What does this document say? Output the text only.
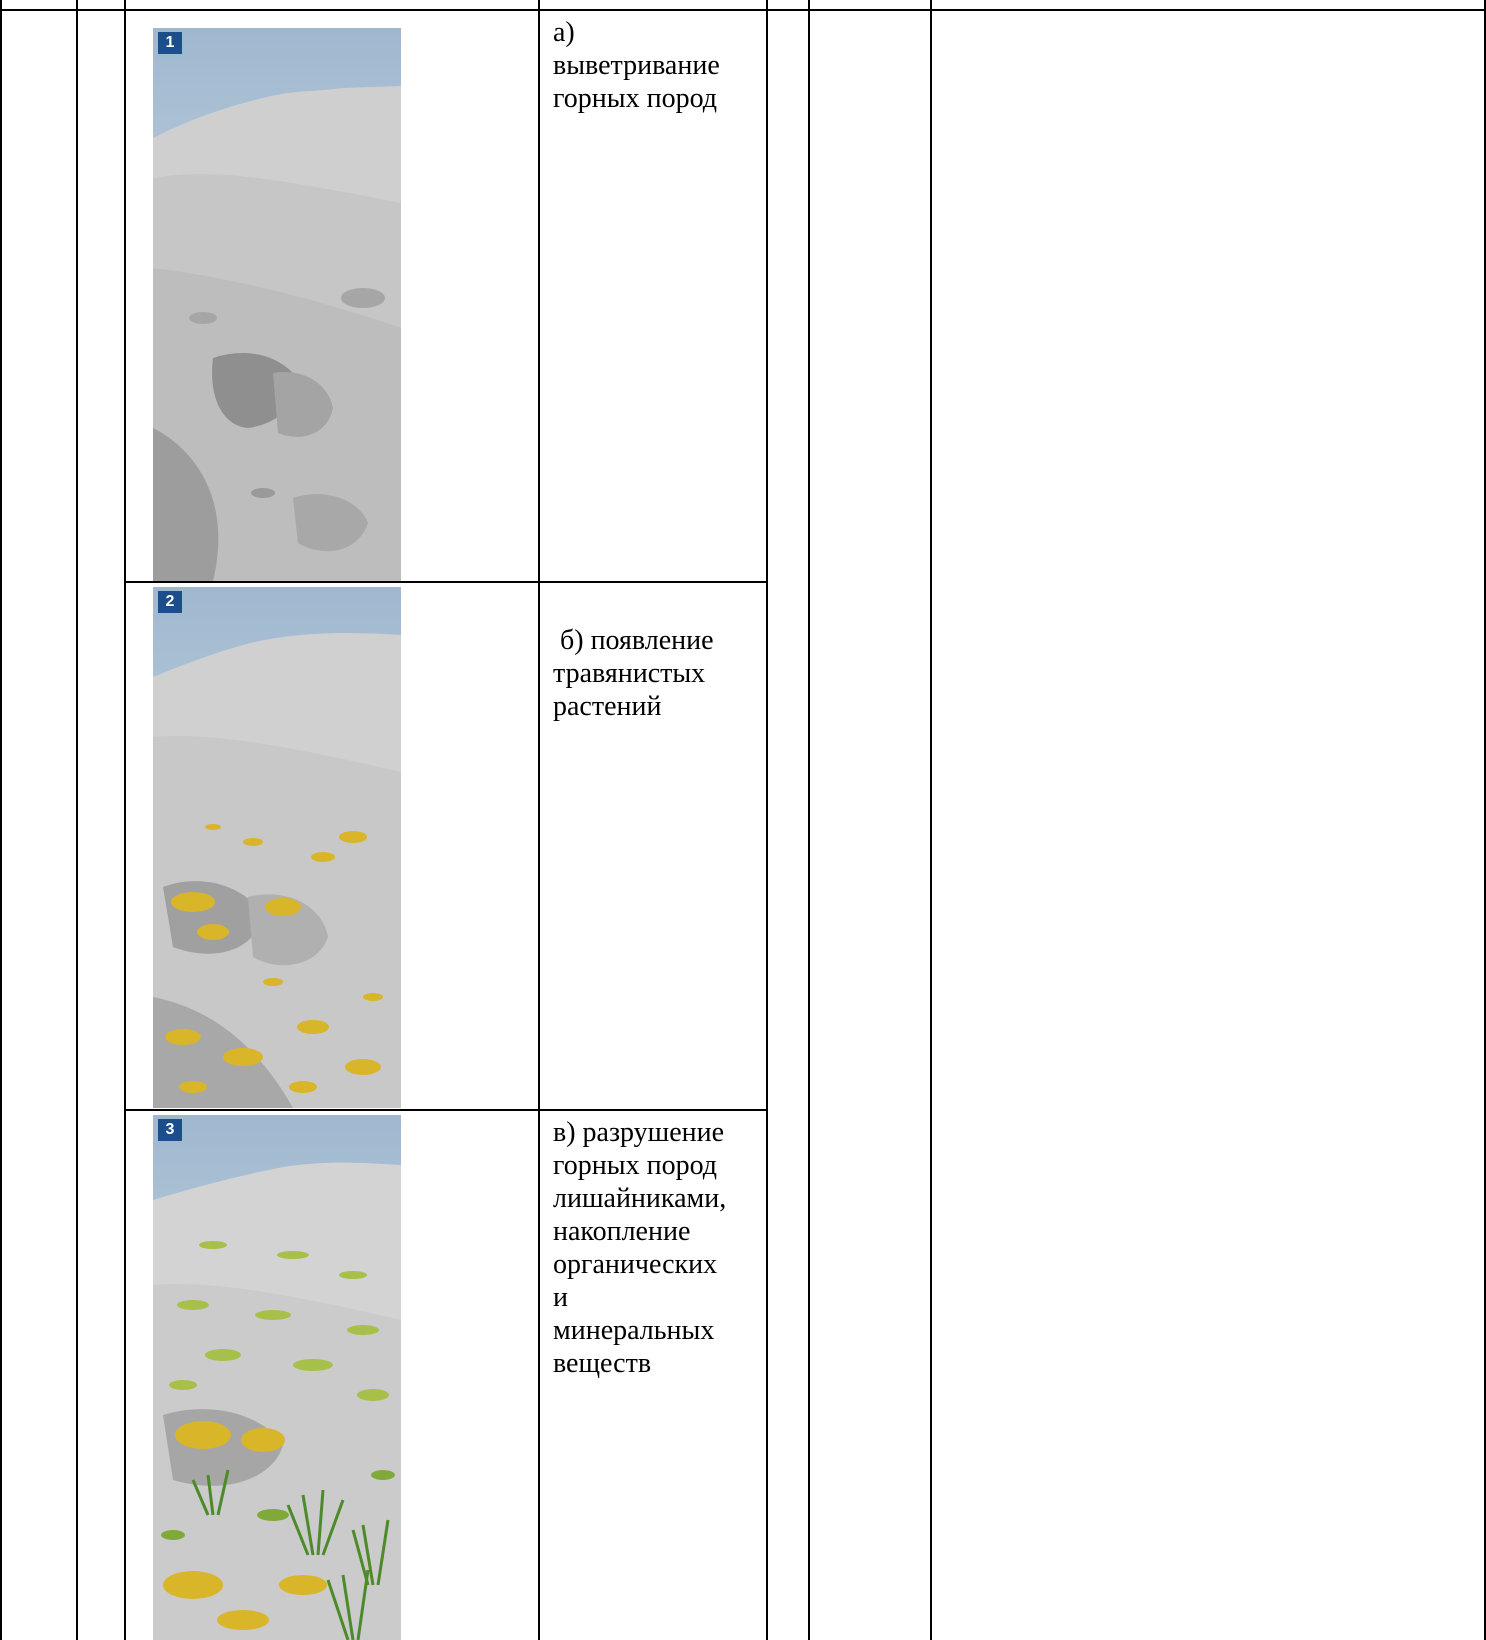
1	а)
выветривание
горных пород
2
б) появление
травянистых
растений
3	в) разрушение
горных пород
лишайниками,
накопление
органических
и
минеральных
веществ
